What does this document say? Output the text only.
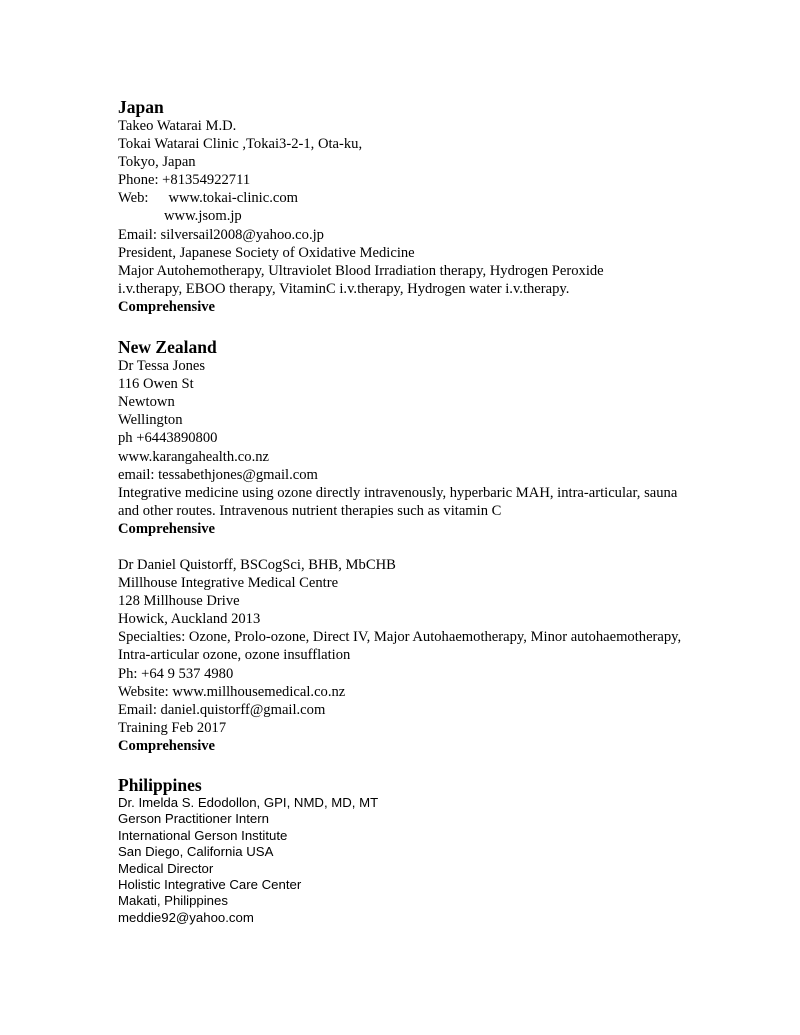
Japan
Takeo Watarai M.D.
Tokai Watarai Clinic ,Tokai3-2-1, Ota-ku,
Tokyo, Japan
Phone: +81354922711
Web: www.tokai-clinic.com
www.jsom.jp
Email: silversail2008@yahoo.co.jp
President, Japanese Society of Oxidative Medicine
Major Autohemotherapy, Ultraviolet Blood Irradiation therapy, Hydrogen Peroxide
i.v.therapy, EBOO therapy, VitaminC i.v.therapy, Hydrogen water i.v.therapy.
Comprehensive
New Zealand
Dr Tessa Jones
116 Owen St
Newtown
Wellington
ph +6443890800
www.karangahealth.co.nz
email: tessabethjones@gmail.com
Integrative medicine using ozone directly intravenously, hyperbaric MAH, intra-articular, sauna
and other routes. Intravenous nutrient therapies such as vitamin C
Comprehensive
Dr Daniel Quistorff, BSCogSci, BHB, MbCHB
Millhouse Integrative Medical Centre
128 Millhouse Drive
Howick, Auckland 2013
Specialties: Ozone, Prolo-ozone, Direct IV, Major Autohaemotherapy, Minor autohaemotherapy,
Intra-articular ozone, ozone insufflation
Ph: +64 9 537 4980
Website: www.millhousemedical.co.nz
Email: daniel.quistorff@gmail.com
Training Feb 2017
Comprehensive
Philippines
Dr. Imelda S. Edodollon, GPI, NMD, MD, MT
Gerson Practitioner Intern
International Gerson Institute
San Diego, California USA
Medical Director
Holistic Integrative Care Center
Makati, Philippines
meddie92@yahoo.com
